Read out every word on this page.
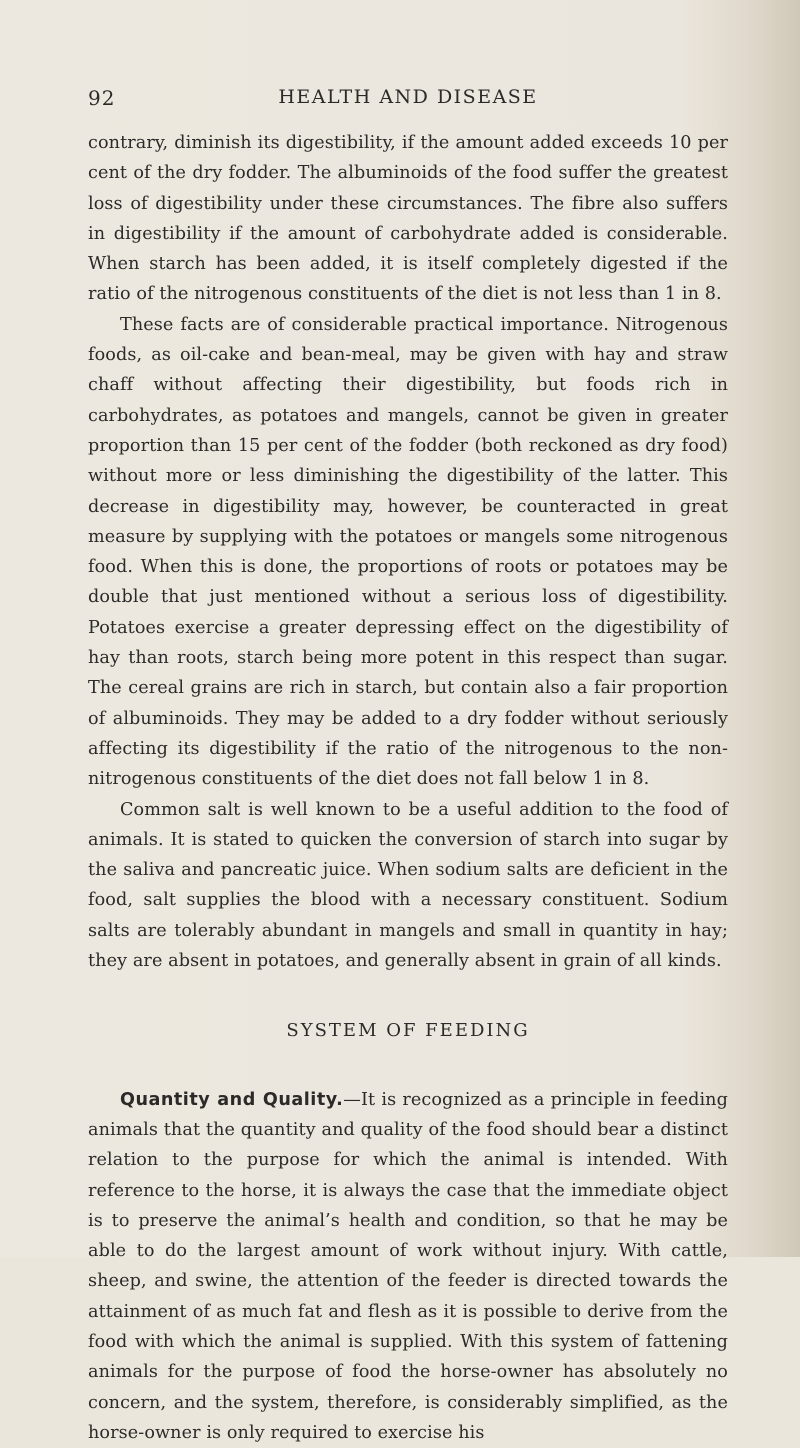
92	HEALTH AND DISEASE

contrary, diminish its digestibility, if the amount added exceeds 10 per cent of the dry fodder. The albuminoids of the food suffer the greatest loss of digestibility under these circumstances. The fibre also suffers in digestibility if the amount of carbohydrate added is considerable. When starch has been added, it is itself completely digested if the ratio of the nitrogenous constituents of the diet is not less than 1 in 8.

These facts are of considerable practical importance. Nitrogenous foods, as oil-cake and bean-meal, may be given with hay and straw chaff without affecting their digestibility, but foods rich in carbohydrates, as potatoes and mangels, cannot be given in greater proportion than 15 per cent of the fodder (both reckoned as dry food) without more or less diminishing the digestibility of the latter. This decrease in digestibility may, however, be counteracted in great measure by supplying with the potatoes or mangels some nitrogenous food. When this is done, the proportions of roots or potatoes may be double that just mentioned without a serious loss of digestibility. Potatoes exercise a greater depressing effect on the digestibility of hay than roots, starch being more potent in this respect than sugar. The cereal grains are rich in starch, but contain also a fair proportion of albuminoids. They may be added to a dry fodder without seriously affecting its digestibility if the ratio of the nitrogenous to the non-nitrogenous constituents of the diet does not fall below 1 in 8.

Common salt is well known to be a useful addition to the food of animals. It is stated to quicken the conversion of starch into sugar by the saliva and pancreatic juice. When sodium salts are deficient in the food, salt supplies the blood with a necessary constituent. Sodium salts are tolerably abundant in mangels and small in quantity in hay; they are absent in potatoes, and generally absent in grain of all kinds.

SYSTEM OF FEEDING

Quantity and Quality.—It is recognized as a principle in feeding animals that the quantity and quality of the food should bear a distinct relation to the purpose for which the animal is intended. With reference to the horse, it is always the case that the immediate object is to preserve the animal’s health and condition, so that he may be able to do the largest amount of work without injury. With cattle, sheep, and swine, the attention of the feeder is directed towards the attainment of as much fat and flesh as it is possible to derive from the food with which the animal is supplied. With this system of fattening animals for the purpose of food the horse-owner has absolutely no concern, and the system, therefore, is considerably simplified, as the horse-owner is only required to exercise his
